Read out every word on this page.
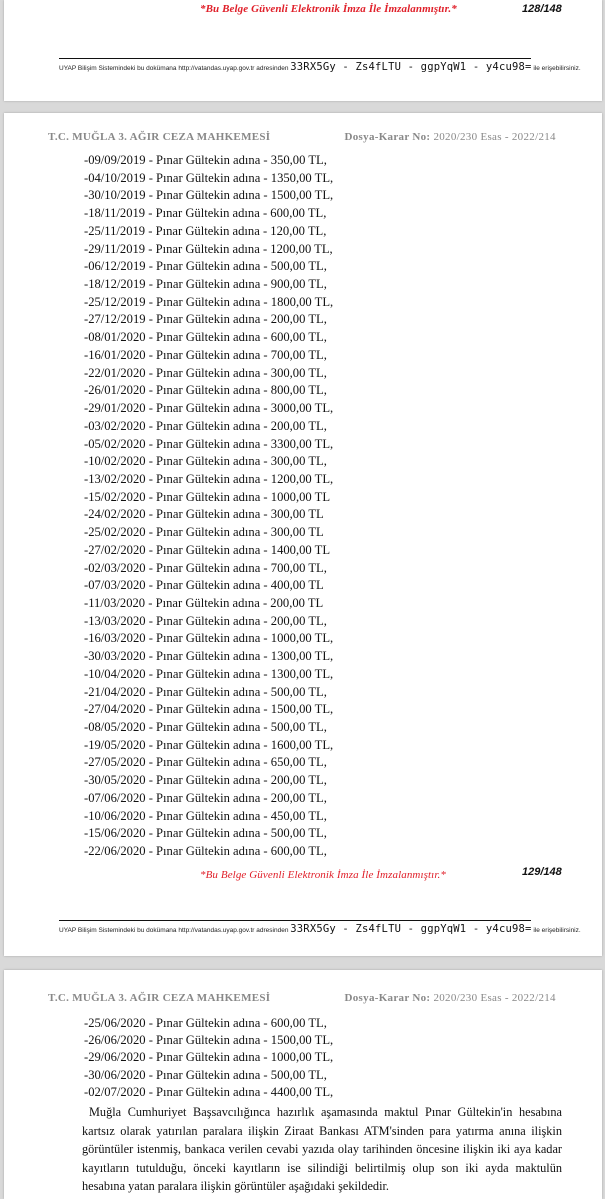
*Bu Belge Güvenli Elektronik İmza İle İmzalanmıştır.*	128/148
UYAP Bilişim Sistemindeki bu dokümana http://vatandas.uyap.gov.tr adresinden 33RX5Gy - Zs4fLTU - ggpYqW1 - y4cu98= ile erişebilirsiniz.
T.C. MUĞLA 3. AĞIR CEZA MAHKEMESİ	Dosya-Karar No: 2020/230 Esas - 2022/214
-09/09/2019 - Pınar Gültekin adına - 350,00 TL,
-04/10/2019 - Pınar Gültekin adına - 1350,00 TL,
-30/10/2019 - Pınar Gültekin adına - 1500,00 TL,
-18/11/2019 - Pınar Gültekin adına - 600,00 TL,
-25/11/2019 - Pınar Gültekin adına - 120,00 TL,
-29/11/2019 - Pınar Gültekin adına - 1200,00 TL,
-06/12/2019 - Pınar Gültekin adına - 500,00 TL,
-18/12/2019 - Pınar Gültekin adına - 900,00 TL,
-25/12/2019 - Pınar Gültekin adına - 1800,00 TL,
-27/12/2019 - Pınar Gültekin adına - 200,00 TL,
-08/01/2020 - Pınar Gültekin adına - 600,00 TL,
-16/01/2020 - Pınar Gültekin adına - 700,00 TL,
-22/01/2020 - Pınar Gültekin adına - 300,00 TL,
-26/01/2020 - Pınar Gültekin adına - 800,00 TL,
-29/01/2020 - Pınar Gültekin adına - 3000,00 TL,
-03/02/2020 - Pınar Gültekin adına - 200,00 TL,
-05/02/2020 - Pınar Gültekin adına - 3300,00 TL,
-10/02/2020 - Pınar Gültekin adına - 300,00 TL,
-13/02/2020 - Pınar Gültekin adına - 1200,00 TL,
-15/02/2020 - Pınar Gültekin adına - 1000,00 TL
-24/02/2020 - Pınar Gültekin adına - 300,00 TL
-25/02/2020 - Pınar Gültekin adına - 300,00 TL
-27/02/2020 - Pınar Gültekin adına - 1400,00 TL
-02/03/2020 - Pınar Gültekin adına - 700,00 TL,
-07/03/2020 - Pınar Gültekin adına - 400,00 TL
-11/03/2020 - Pınar Gültekin adına - 200,00 TL
-13/03/2020 - Pınar Gültekin adına - 200,00 TL,
-16/03/2020 - Pınar Gültekin adına - 1000,00 TL,
-30/03/2020 - Pınar Gültekin adına - 1300,00 TL,
-10/04/2020 - Pınar Gültekin adına - 1300,00 TL,
-21/04/2020 - Pınar Gültekin adına - 500,00 TL,
-27/04/2020 - Pınar Gültekin adına - 1500,00 TL,
-08/05/2020 - Pınar Gültekin adına - 500,00 TL,
-19/05/2020 - Pınar Gültekin adına - 1600,00 TL,
-27/05/2020 - Pınar Gültekin adına - 650,00 TL,
-30/05/2020 - Pınar Gültekin adına - 200,00 TL,
-07/06/2020 - Pınar Gültekin adına - 200,00 TL,
-10/06/2020 - Pınar Gültekin adına - 450,00 TL,
-15/06/2020 - Pınar Gültekin adına - 500,00 TL,
-22/06/2020 - Pınar Gültekin adına - 600,00 TL,
*Bu Belge Güvenli Elektronik İmza İle İmzalanmıştır.*	129/148
UYAP Bilişim Sistemindeki bu dokümana http://vatandas.uyap.gov.tr adresinden 33RX5Gy - Zs4fLTU - ggpYqW1 - y4cu98= ile erişebilirsiniz.
T.C. MUĞLA 3. AĞIR CEZA MAHKEMESİ	Dosya-Karar No: 2020/230 Esas - 2022/214
-25/06/2020 - Pınar Gültekin adına - 600,00 TL,
-26/06/2020 - Pınar Gültekin adına - 1500,00 TL,
-29/06/2020 - Pınar Gültekin adına - 1000,00 TL,
-30/06/2020 - Pınar Gültekin adına - 500,00 TL,
-02/07/2020 - Pınar Gültekin adına - 4400,00 TL,

Muğla Cumhuriyet Başsavcılığınca hazırlık aşamasında maktul Pınar Gültekin'in hesabına kartsız olarak yatırılan paralara ilişkin Ziraat Bankası ATM'sinden para yatırma anına ilişkin görüntüler istenmiş, bankaca verilen cevabi yazıda olay tarihinden öncesine ilişkin iki aya kadar kayıtların tutulduğu, önceki kayıtların ise silindiği belirtilmiş olup son iki ayda maktulün hesabına yatan paralara ilişkin görüntüler aşağıdaki şekildedir.
